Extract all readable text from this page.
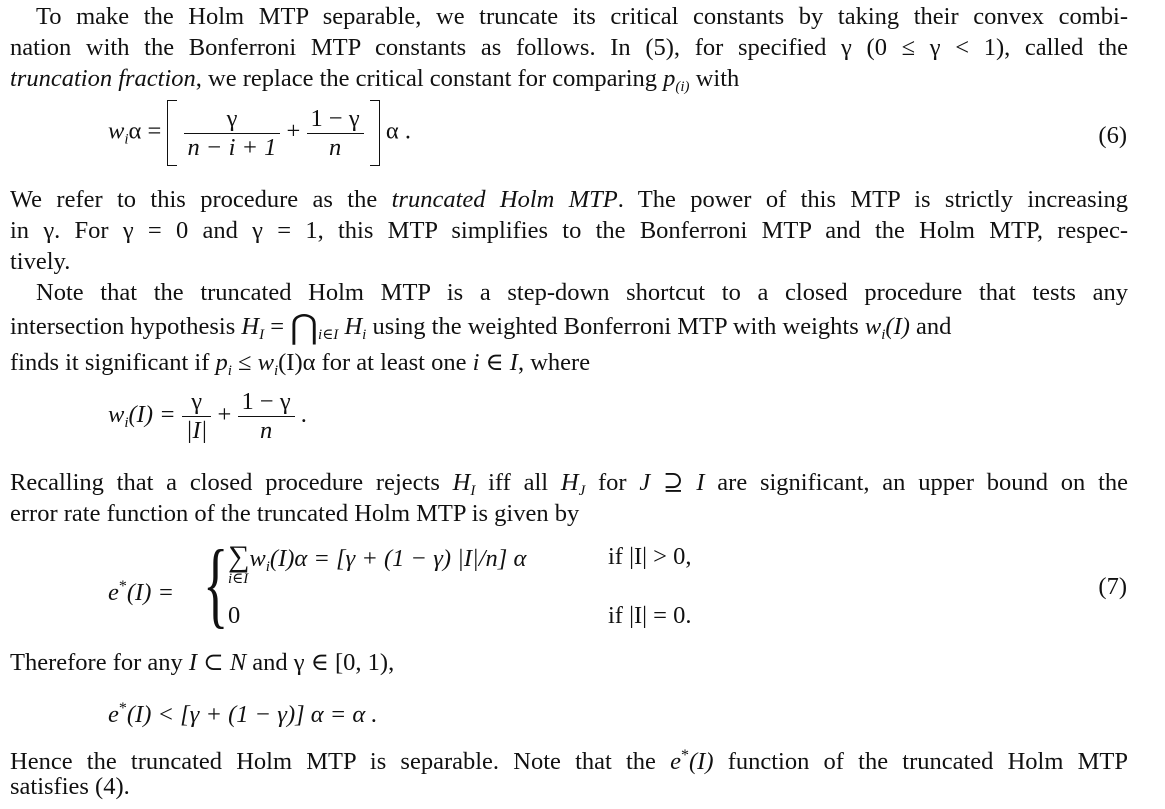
To make the Holm MTP separable, we truncate its critical constants by taking their convex combi-
nation with the Bonferroni MTP constants as follows. In (5), for specified γ (0 ≤ γ < 1), called the
truncation fraction, we replace the critical constant for comparing $p_{(i)}$ with
$w_i\alpha = \frac{\gamma}{n - i + 1} + \frac{1 - \gamma}{n}$ α .	(6)
We refer to this procedure as the truncated Holm MTP. The power of this MTP is strictly increasing
in γ. For γ = 0 and γ = 1, this MTP simplifies to the Bonferroni MTP and the Holm MTP, respec-
tively.
Note that the truncated Holm MTP is a step-down shortcut to a closed procedure that tests any
intersection hypothesis $H_I$ = $⋂_{i\in I}$ $H_i$ using the weighted Bonferroni MTP with weights $w_i(I)$ and
finds it significant if $p_i \le w_i(I)\alpha$ for at least one i ∈ I, where
$w_i(I) = \frac{\gamma}{|I|} + \frac{1 - \gamma}{n}$ .
Recalling that a closed procedure rejects $H_I$ iff all $H_J$ for J ⊇ I are significant, an upper bound on the
error rate function of the truncated Holm MTP is given by
e*(I) = { $\sum w_i(I)\alpha = [\gamma + (1 - \gamma)$ |I|/n] α
i∈I
if |I| > 0,
0	if |I| = 0.
(7)
Therefore for any I ⊂ N and γ ∈ [0, 1),
e*(I) < [γ + (1 − γ)] α = α .
Hence the truncated Holm MTP is separable. Note that the e*(I) function of the truncated Holm MTP
satisfies (4).
